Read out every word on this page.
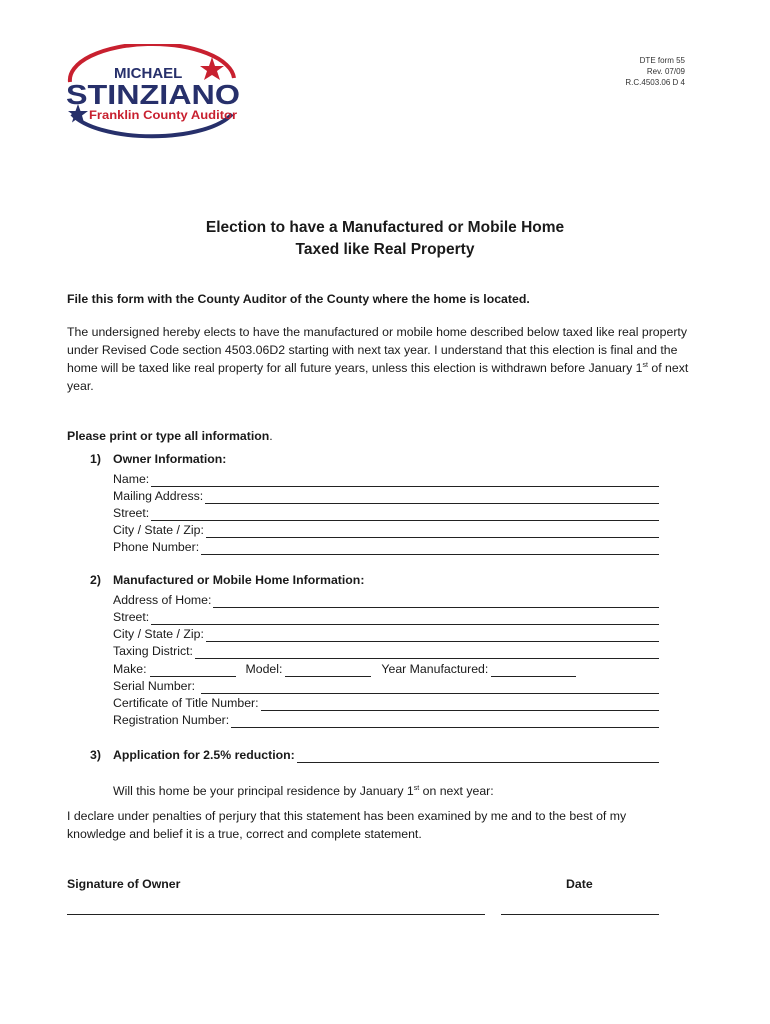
MICHAEL
STINZIANO
Franklin County Auditor
DTE form 55
Rev. 07/09
R.C.4503.06 D 4
Election to have a Manufactured or Mobile Home
Taxed like Real Property
File this form with the County Auditor of the County where the home is located.
The undersigned hereby elects to have the manufactured or mobile home described below taxed like real property under Revised Code section 4503.06D2 starting with next tax year. I understand that this election is final and the home will be taxed like real property for all future years, unless this election is withdrawn before January 1st of next year.
Please print or type all information.
1) Owner Information:
Name:
Mailing Address:
Street:
City / State / Zip:
Phone Number:
2) Manufactured or Mobile Home Information:
Address of Home:
Street:
City / State / Zip:
Taxing District:
Make:	Model:	Year Manufactured:
Serial Number:
Certificate of Title Number:
Registration Number:
3) Application for 2.5% reduction:
Will this home be your principal residence by January 1st on next year:
I declare under penalties of perjury that this statement has been examined by me and to the best of my knowledge and belief it is a true, correct and complete statement.
Signature of Owner	Date
